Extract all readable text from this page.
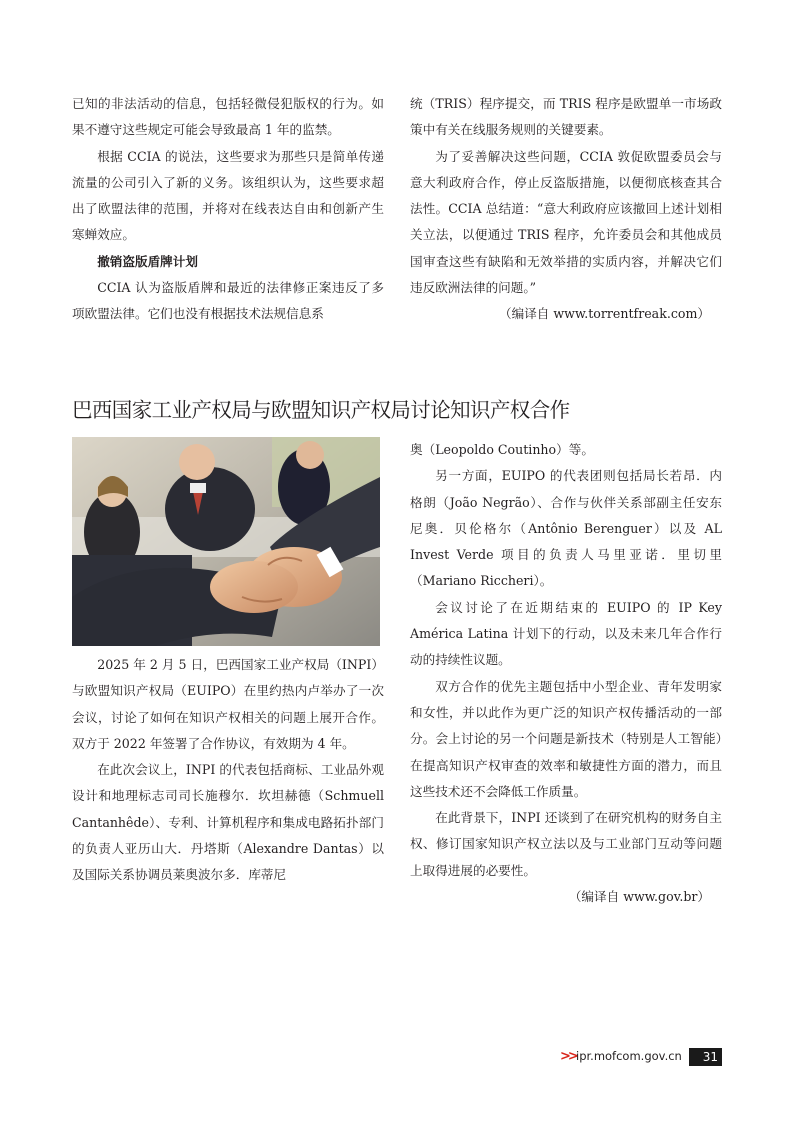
已知的非法活动的信息，包括轻微侵犯版权的行为。如果不遵守这些规定可能会导致最高 1 年的监禁。

根据 CCIA 的说法，这些要求为那些只是简单传递流量的公司引入了新的义务。该组织认为，这些要求超出了欧盟法律的范围，并将对在线表达自由和创新产生寒蝉效应。

撤销盗版盾牌计划

CCIA 认为盗版盾牌和最近的法律修正案违反了多项欧盟法律。它们也没有根据技术法规信息系

统（TRIS）程序提交，而 TRIS 程序是欧盟单一市场政策中有关在线服务规则的关键要素。

为了妥善解决这些问题，CCIA 敦促欧盟委员会与意大利政府合作，停止反盗版措施，以便彻底核查其合法性。CCIA 总结道：“意大利政府应该撤回上述计划相关立法，以便通过 TRIS 程序，允许委员会和其他成员国审查这些有缺陷和无效举措的实质内容，并解决它们违反欧洲法律的问题。”

（编译自 www.torrentfreak.com）

巴西国家工业产权局与欧盟知识产权局讨论知识产权合作

2025 年 2 月 5 日，巴西国家工业产权局（INPI）与欧盟知识产权局（EUIPO）在里约热内卢举办了一次会议，讨论了如何在知识产权相关的问题上展开合作。双方于 2022 年签署了合作协议，有效期为 4 年。

在此次会议上，INPI 的代表包括商标、工业品外观设计和地理标志司司长施穆尔．坎坦赫德（Schmuell Cantanhêde）、专利、计算机程序和集成电路拓扑部门的负责人亚历山大．丹塔斯（Alexandre Dantas）以及国际关系协调员莱奥波尔多．库蒂尼

奥（Leopoldo Coutinho）等。

另一方面，EUIPO 的代表团则包括局长若昂．内格朗（João Negrão）、合作与伙伴关系部副主任安东尼奥．贝伦格尔（Antônio Berenguer）以及 AL Invest Verde 项目的负责人马里亚诺．里切里（Mariano Riccheri）。

会议讨论了在近期结束的 EUIPO 的 IP Key América Latina 计划下的行动，以及未来几年合作行动的持续性议题。

双方合作的优先主题包括中小型企业、青年发明家和女性，并以此作为更广泛的知识产权传播活动的一部分。会上讨论的另一个问题是新技术（特别是人工智能）在提高知识产权审查的效率和敏捷性方面的潜力，而且这些技术还不会降低工作质量。

在此背景下，INPI 还谈到了在研究机构的财务自主权、修订国家知识产权立法以及与工业部门互动等问题上取得进展的必要性。

（编译自 www.gov.br）

>> ipr.mofcom.gov.cn	31
